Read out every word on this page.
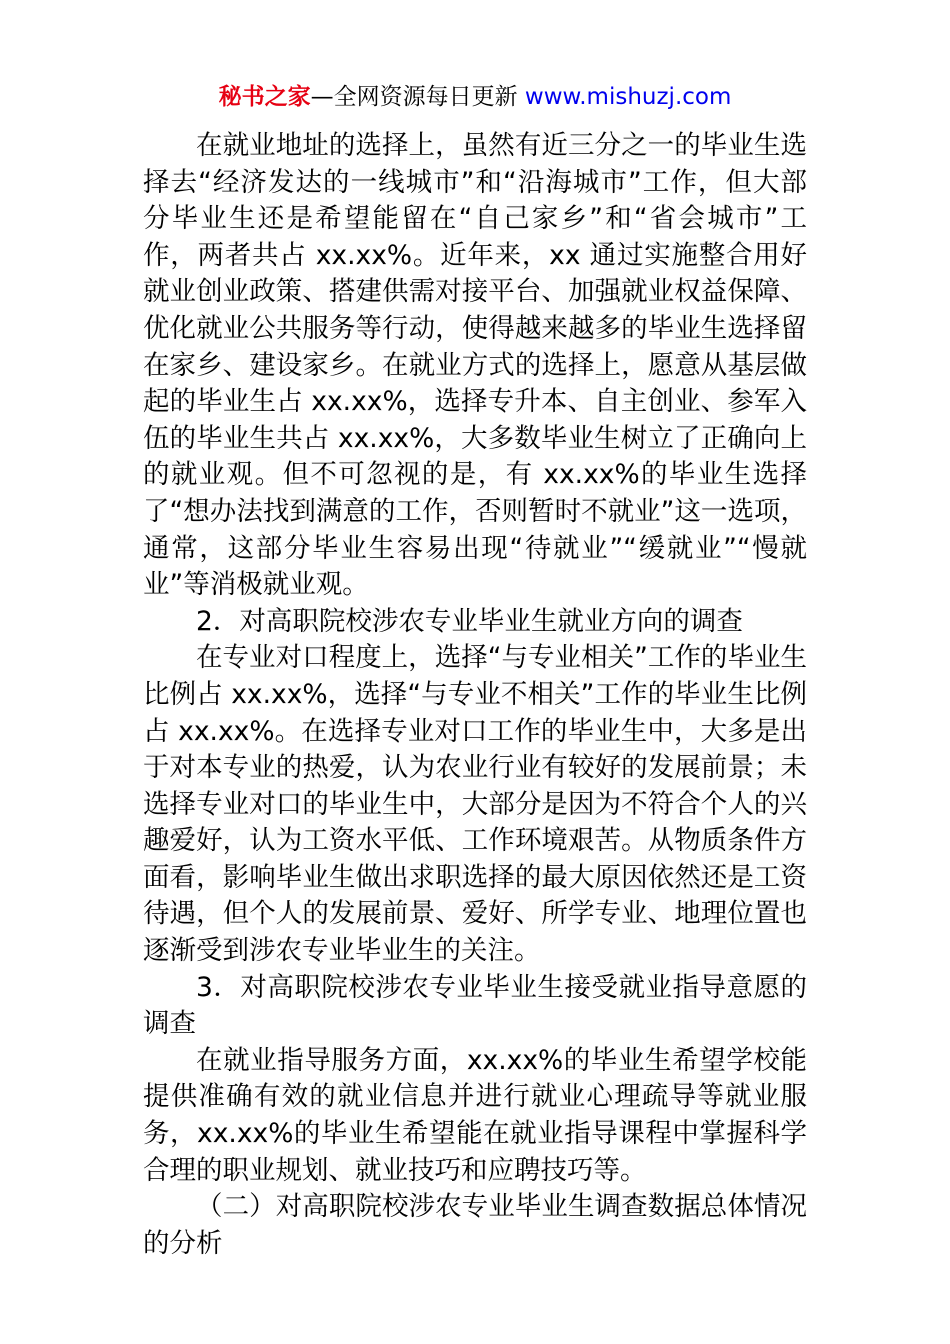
秘书之家—全网资源每日更新 www.mishuzj.com

在就业地址的选择上，虽然有近三分之一的毕业生选择去“经济发达的一线城市”和“沿海城市”工作，但大部分毕业生还是希望能留在“自己家乡”和“省会城市”工作，两者共占 xx.xx%。近年来，xx 通过实施整合用好就业创业政策、搭建供需对接平台、加强就业权益保障、优化就业公共服务等行动，使得越来越多的毕业生选择留在家乡、建设家乡。在就业方式的选择上，愿意从基层做起的毕业生占 xx.xx%，选择专升本、自主创业、参军入伍的毕业生共占 xx.xx%，大多数毕业生树立了正确向上的就业观。但不可忽视的是，有 xx.xx%的毕业生选择了“想办法找到满意的工作，否则暂时不就业”这一选项，通常，这部分毕业生容易出现“待就业”“缓就业”“慢就业”等消极就业观。

2．对高职院校涉农专业毕业生就业方向的调查

在专业对口程度上，选择“与专业相关”工作的毕业生比例占 xx.xx%，选择“与专业不相关”工作的毕业生比例占 xx.xx%。在选择专业对口工作的毕业生中，大多是出于对本专业的热爱，认为农业行业有较好的发展前景；未选择专业对口的毕业生中，大部分是因为不符合个人的兴趣爱好，认为工资水平低、工作环境艰苦。从物质条件方面看，影响毕业生做出求职选择的最大原因依然还是工资待遇，但个人的发展前景、爱好、所学专业、地理位置也逐渐受到涉农专业毕业生的关注。

3．对高职院校涉农专业毕业生接受就业指导意愿的调查

在就业指导服务方面，xx.xx%的毕业生希望学校能提供准确有效的就业信息并进行就业心理疏导等就业服务，xx.xx%的毕业生希望能在就业指导课程中掌握科学合理的职业规划、就业技巧和应聘技巧等。

（二）对高职院校涉农专业毕业生调查数据总体情况的分析
